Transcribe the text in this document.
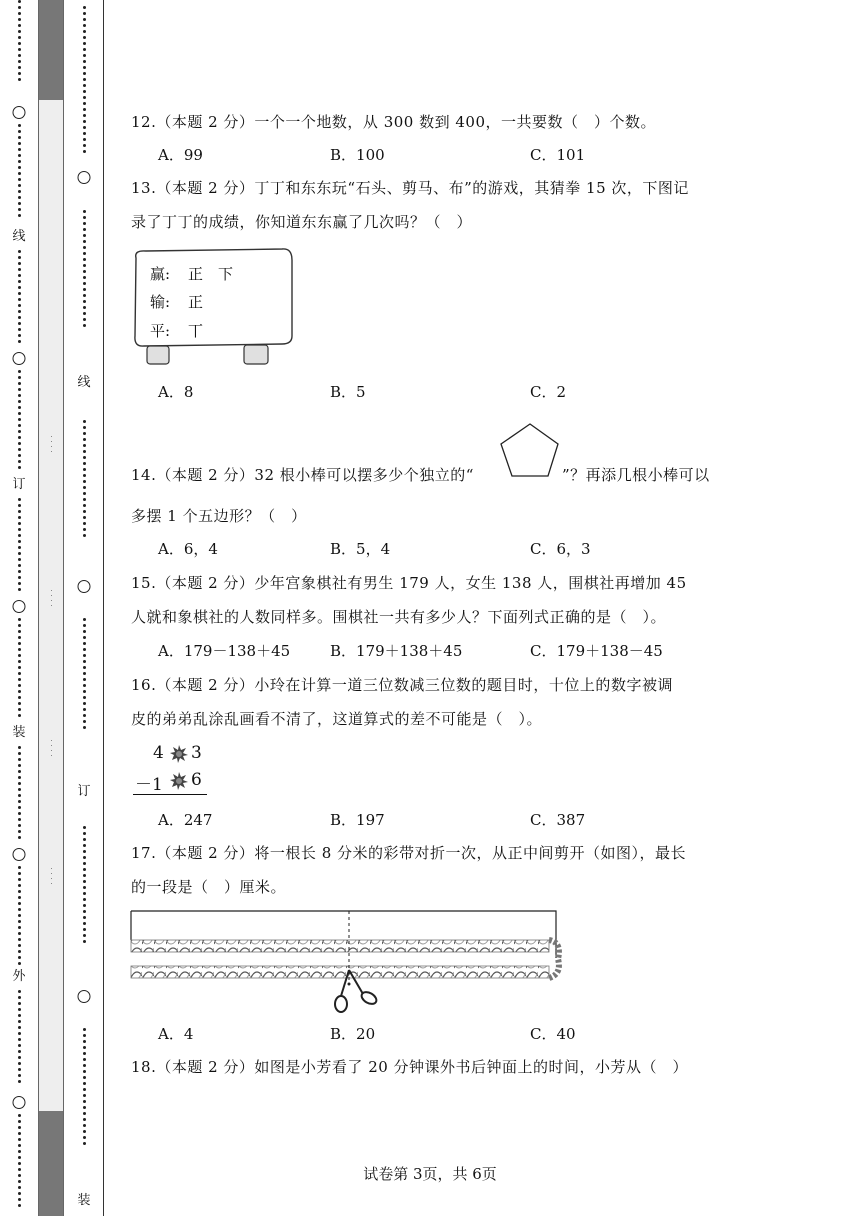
线
订
装
外
线
订
装
12.（本题 2 分）一个一个地数，从 300 数到 400，一共要数（　）个数。
A．99	B．100	C．101
13.（本题 2 分）丁丁和东东玩“石头、剪马、布”的游戏，其猜拳 15 次，下图记
录了丁丁的成绩，你知道东东赢了几次吗？（　）
赢: 正　下
输: 正
平: 丅
A．8	B．5	C．2
14.（本题 2 分）32 根小棒可以摆多少个独立的“	”？再添几根小棒可以
多摆 1 个五边形？（　）
A．6，4	B．5，4	C．6，3
15.（本题 2 分）少年宫象棋社有男生 179 人，女生 138 人，围棋社再增加 45
人就和象棋社的人数同样多。围棋社一共有多少人？下面列式正确的是（　）。
A．179－138＋45	B．179＋138＋45	C．179＋138－45
16.（本题 2 分）小玲在计算一道三位数减三位数的题目时，十位上的数字被调
皮的弟弟乱涂乱画看不清了，这道算式的差不可能是（　）。
4 3
－1 6
A．247	B．197	C．387
17.（本题 2 分）将一根长 8 分米的彩带对折一次，从正中间剪开（如图），最长
的一段是（　）厘米。
A．4	B．20	C．40
18.（本题 2 分）如图是小芳看了 20 分钟课外书后钟面上的时间，小芳从（　）
试卷第 3页，共 6页
